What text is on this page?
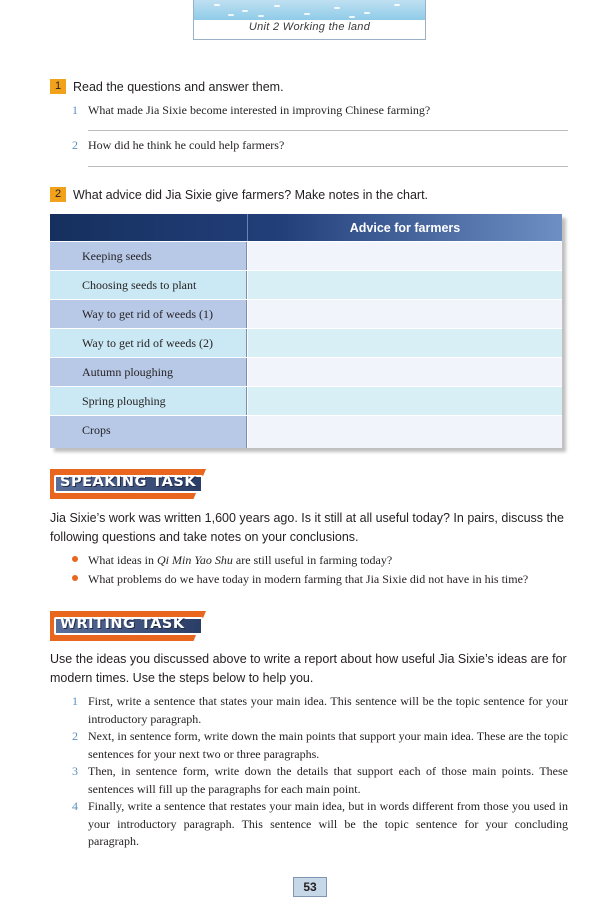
Unit 2 Working the land
1 Read the questions and answer them.
1 What made Jia Sixie become interested in improving Chinese farming?
2 How did he think he could help farmers?
2 What advice did Jia Sixie give farmers? Make notes in the chart.
Advice for farmers
Keeping seeds
Choosing seeds to plant
Way to get rid of weeds (1)
Way to get rid of weeds (2)
Autumn ploughing
Spring ploughing
Crops
SPEAKING TASK
Jia Sixie’s work was written 1,600 years ago. Is it still at all useful today? In pairs, discuss the following questions and take notes on your conclusions.
What ideas in Qi Min Yao Shu are still useful in farming today?
What problems do we have today in modern farming that Jia Sixie did not have in his time?
WRITING TASK
Use the ideas you discussed above to write a report about how useful Jia Sixie’s ideas are for modern times. Use the steps below to help you.
1 First, write a sentence that states your main idea. This sentence will be the topic sentence for your introductory paragraph.
2 Next, in sentence form, write down the main points that support your main idea. These are the topic sentences for your next two or three paragraphs.
3 Then, in sentence form, write down the details that support each of those main points. These sentences will fill up the paragraphs for each main point.
4 Finally, write a sentence that restates your main idea, but in words different from those you used in your introductory paragraph. This sentence will be the topic sentence for your concluding paragraph.
53
